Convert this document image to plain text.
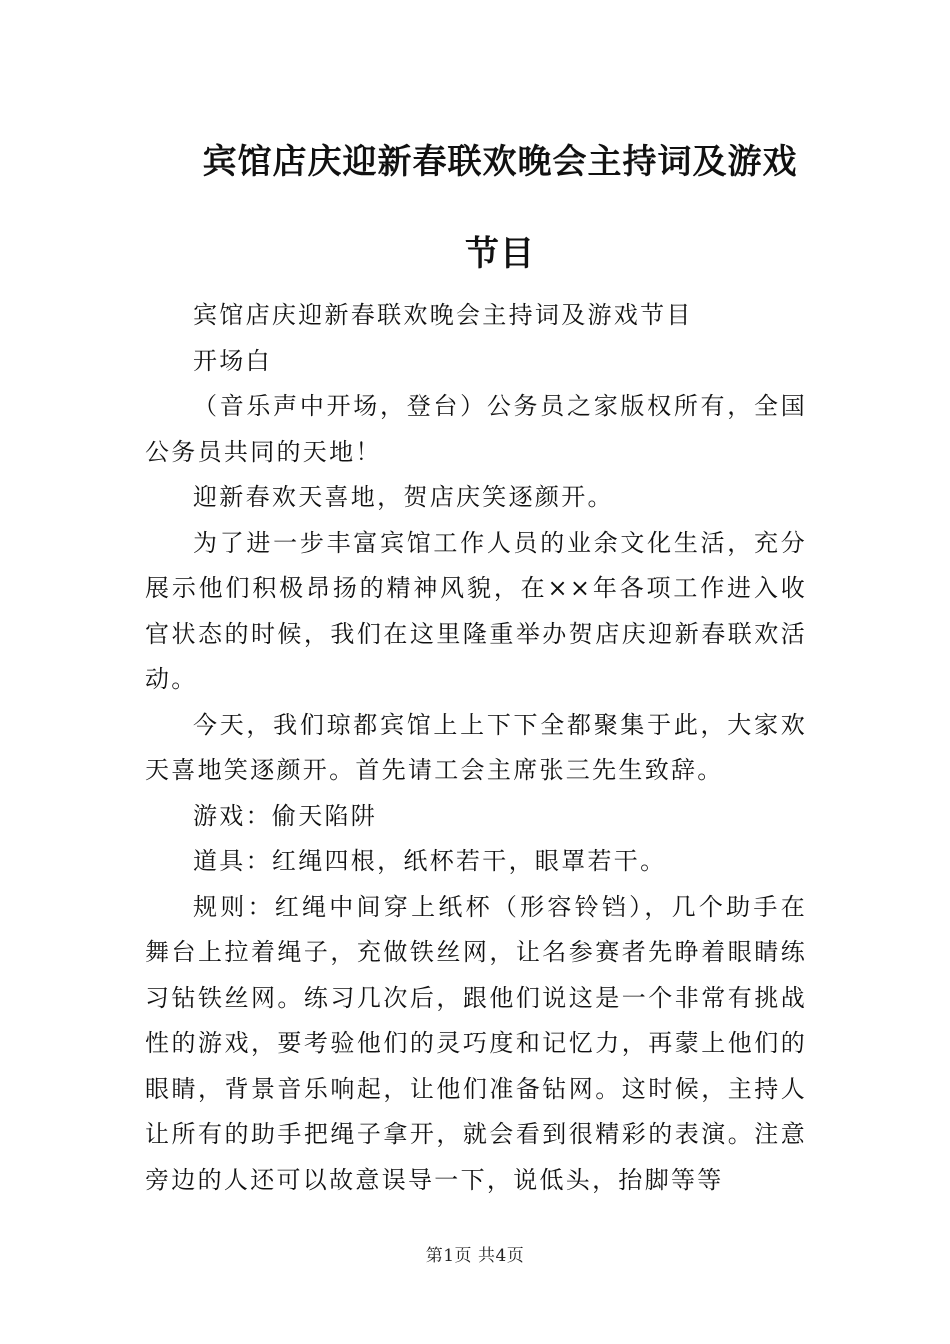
宾馆店庆迎新春联欢晚会主持词及游戏
节目

宾馆店庆迎新春联欢晚会主持词及游戏节目

开场白

（音乐声中开场，登台）公务员之家版权所有，全国公务员共同的天地！

迎新春欢天喜地，贺店庆笑逐颜开。

为了进一步丰富宾馆工作人员的业余文化生活，充分展示他们积极昂扬的精神风貌，在××年各项工作进入收官状态的时候，我们在这里隆重举办贺店庆迎新春联欢活动。

今天，我们琼都宾馆上上下下全都聚集于此，大家欢天喜地笑逐颜开。首先请工会主席张三先生致辞。

游戏：偷天陷阱

道具：红绳四根，纸杯若干，眼罩若干。

规则：红绳中间穿上纸杯（形容铃铛），几个助手在舞台上拉着绳子，充做铁丝网，让名参赛者先睁着眼睛练习钻铁丝网。练习几次后，跟他们说这是一个非常有挑战性的游戏，要考验他们的灵巧度和记忆力，再蒙上他们的眼睛，背景音乐响起，让他们准备钻网。这时候，主持人让所有的助手把绳子拿开，就会看到很精彩的表演。注意旁边的人还可以故意误导一下，说低头，抬脚等等

第1页 共4页
